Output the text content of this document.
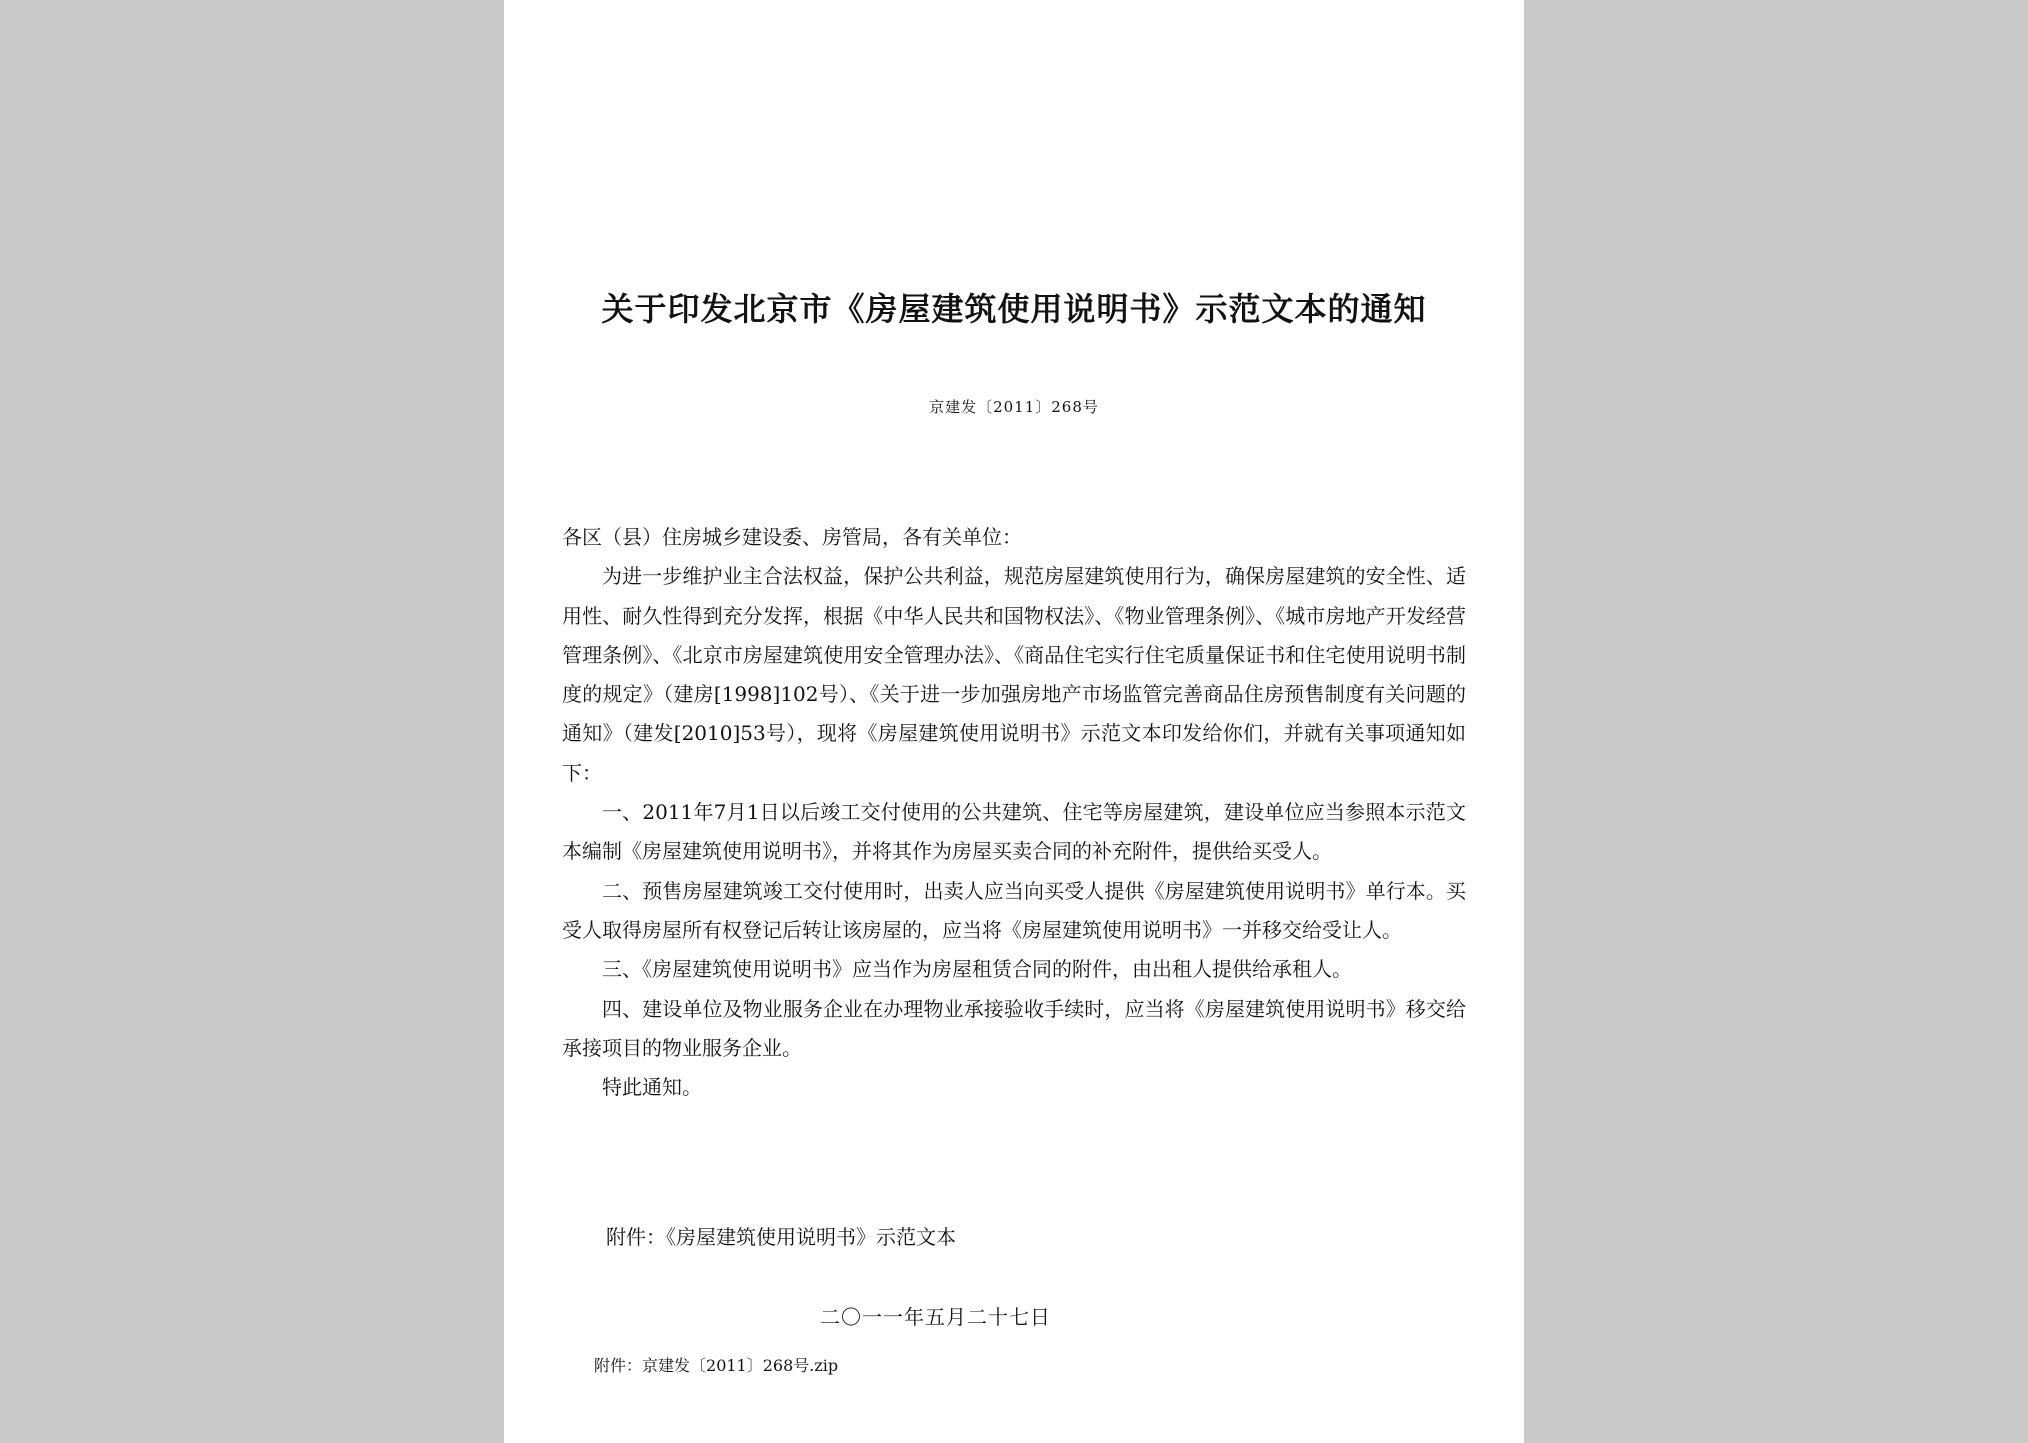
关于印发北京市《房屋建筑使用说明书》示范文本的通知
京建发〔2011〕268号

各区（县）住房城乡建设委、房管局，各有关单位：

为进一步维护业主合法权益，保护公共利益，规范房屋建筑使用行为，确保房屋建筑的安全性、适用性、耐久性得到充分发挥，根据《中华人民共和国物权法》、《物业管理条例》、《城市房地产开发经营管理条例》、《北京市房屋建筑使用安全管理办法》、《商品住宅实行住宅质量保证书和住宅使用说明书制度的规定》（建房[1998]102号）、《关于进一步加强房地产市场监管完善商品住房预售制度有关问题的通知》（建发[2010]53号），现将《房屋建筑使用说明书》示范文本印发给你们，并就有关事项通知如下：

一、2011年7月1日以后竣工交付使用的公共建筑、住宅等房屋建筑，建设单位应当参照本示范文本编制《房屋建筑使用说明书》，并将其作为房屋买卖合同的补充附件，提供给买受人。

二、预售房屋建筑竣工交付使用时，出卖人应当向买受人提供《房屋建筑使用说明书》单行本。买受人取得房屋所有权登记后转让该房屋的，应当将《房屋建筑使用说明书》一并移交给受让人。

三、《房屋建筑使用说明书》应当作为房屋租赁合同的附件，由出租人提供给承租人。

四、建设单位及物业服务企业在办理物业承接验收手续时，应当将《房屋建筑使用说明书》移交给承接项目的物业服务企业。

特此通知。

附件：《房屋建筑使用说明书》示范文本
二〇一一年五月二十七日
附件：京建发〔2011〕268号.zip
